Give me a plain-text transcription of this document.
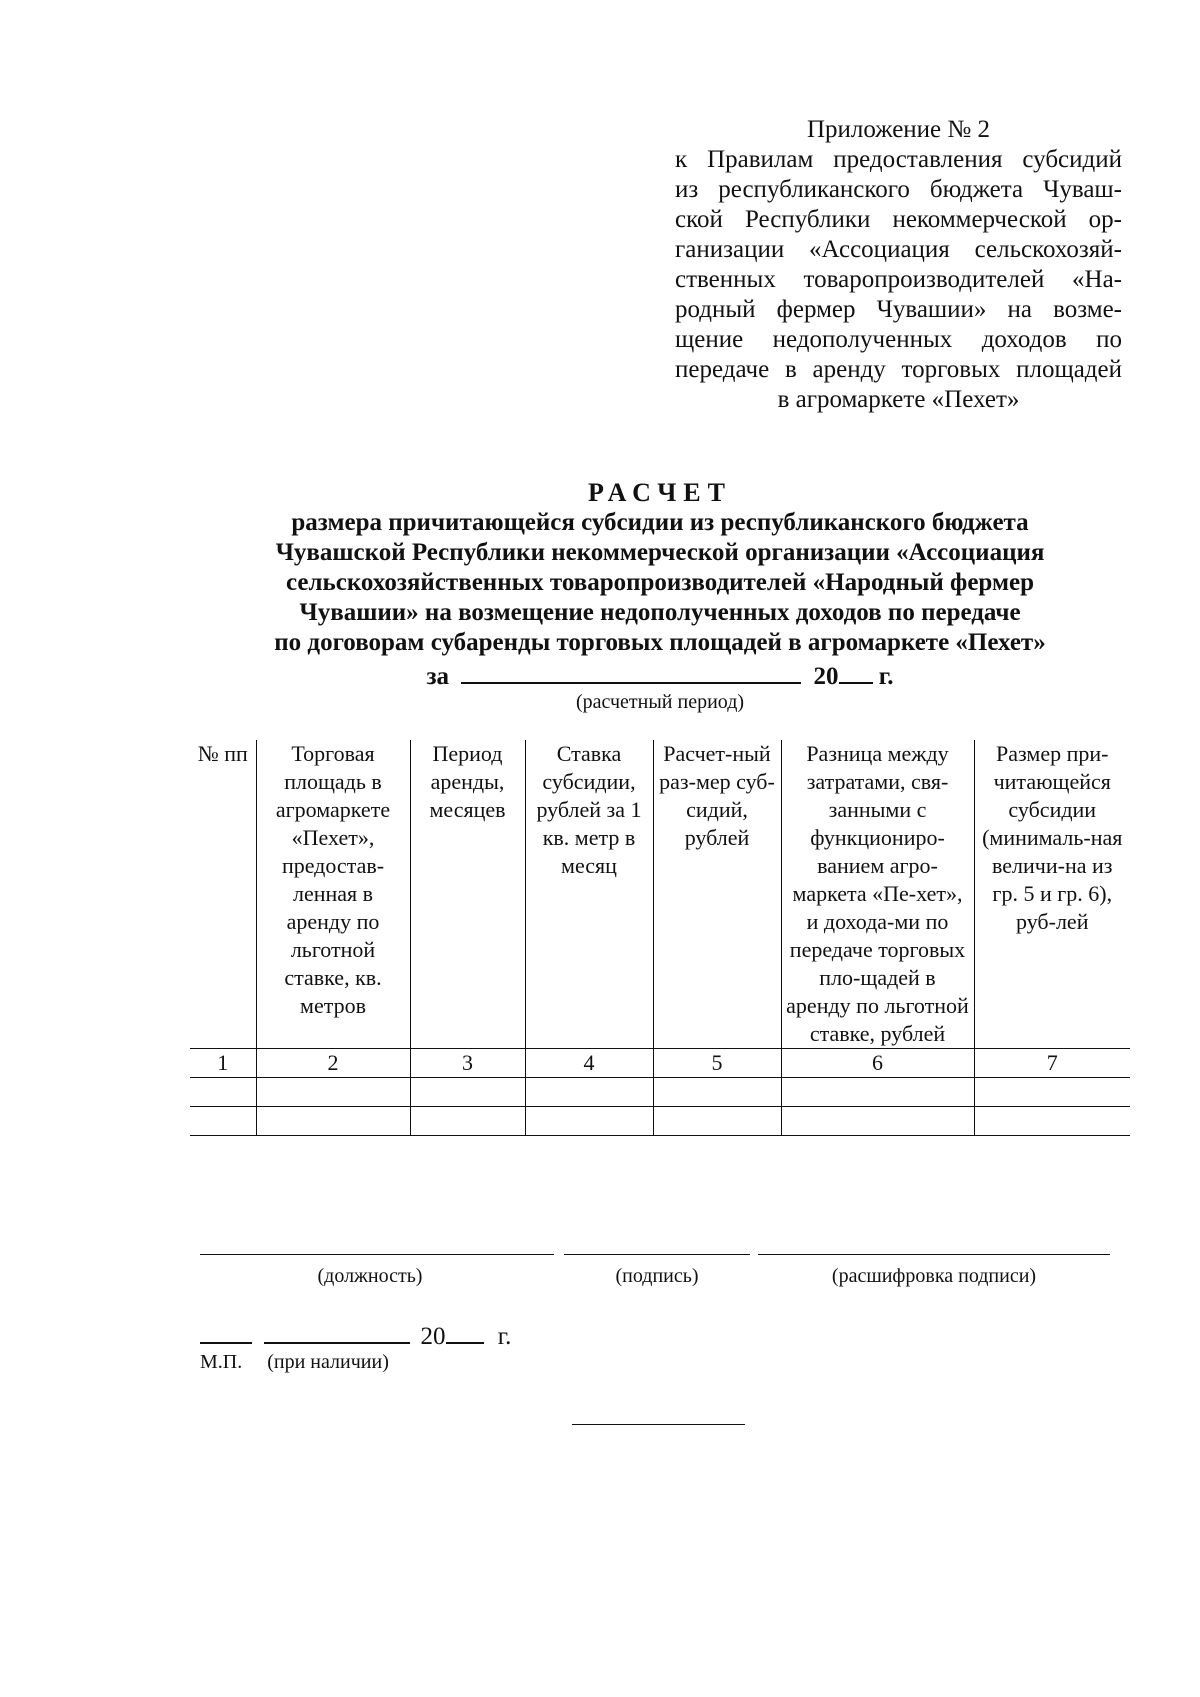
Приложение № 2
к Правилам предоставления субсидий
из республиканского бюджета Чуваш-
ской Республики некоммерческой ор-
ганизации «Ассоциация сельскохозяй-
ственных товаропроизводителей «На-
родный фермер Чувашии» на возме-
щение недополученных доходов по
передаче в аренду торговых площадей
в агромаркете «Пехет»
РАСЧЕТ
размера причитающейся субсидии из республиканского бюджета
Чувашской Республики некоммерческой организации «Ассоциация
сельскохозяйственных товаропроизводителей «Народный фермер
Чувашии» на возмещение недополученных доходов по передаче
по договорам субаренды торговых площадей в агромаркете «Пехет»
за	20 г.
(расчетный период)
№ пп	Торговая площадь в агромаркете «Пехет», предостав-ленная в аренду по льготной ставке, кв. метров	Период аренды, месяцев	Ставка субсидии, рублей за 1 кв. метр в месяц	Расчет-ный раз-мер суб-сидий, рублей	Разница между затратами, свя-занными с функциониро-ванием агро-маркета «Пе-хет», и дохода-ми по передаче торговых пло-щадей в аренду по льготной ставке, рублей	Размер при-читающейся субсидии (минималь-ная величи-на из гр. 5 и гр. 6), руб-лей
1	2	3	4	5	6	7

(должность)	(подпись)	(расшифровка подписи)
20 г.
М.П. (при наличии)
